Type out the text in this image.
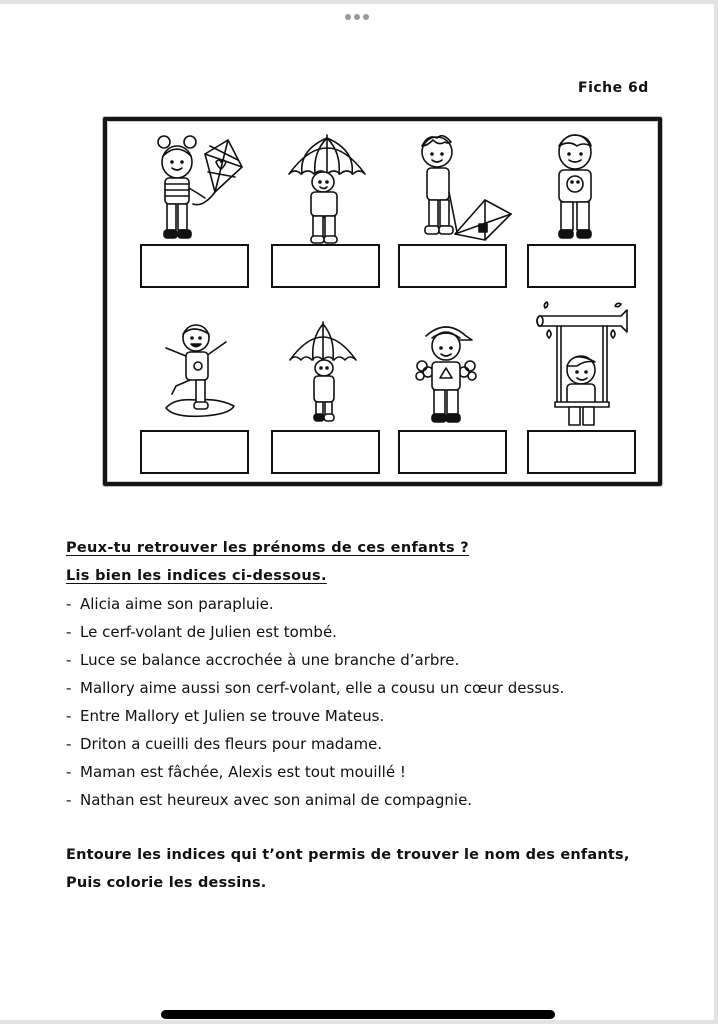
Fiche 6d
Peux-tu retrouver les prénoms de ces enfants ?
Lis bien les indices ci-dessous.
- Alicia aime son parapluie.
- Le cerf-volant de Julien est tombé.
- Luce se balance accrochée à une branche d’arbre.
- Mallory aime aussi son cerf-volant, elle a cousu un cœur dessus.
- Entre Mallory et Julien se trouve Mateus.
- Driton a cueilli des fleurs pour madame.
- Maman est fâchée, Alexis est tout mouillé !
- Nathan est heureux avec son animal de compagnie.
Entoure les indices qui t’ont permis de trouver le nom des enfants,
Puis colorie les dessins.
